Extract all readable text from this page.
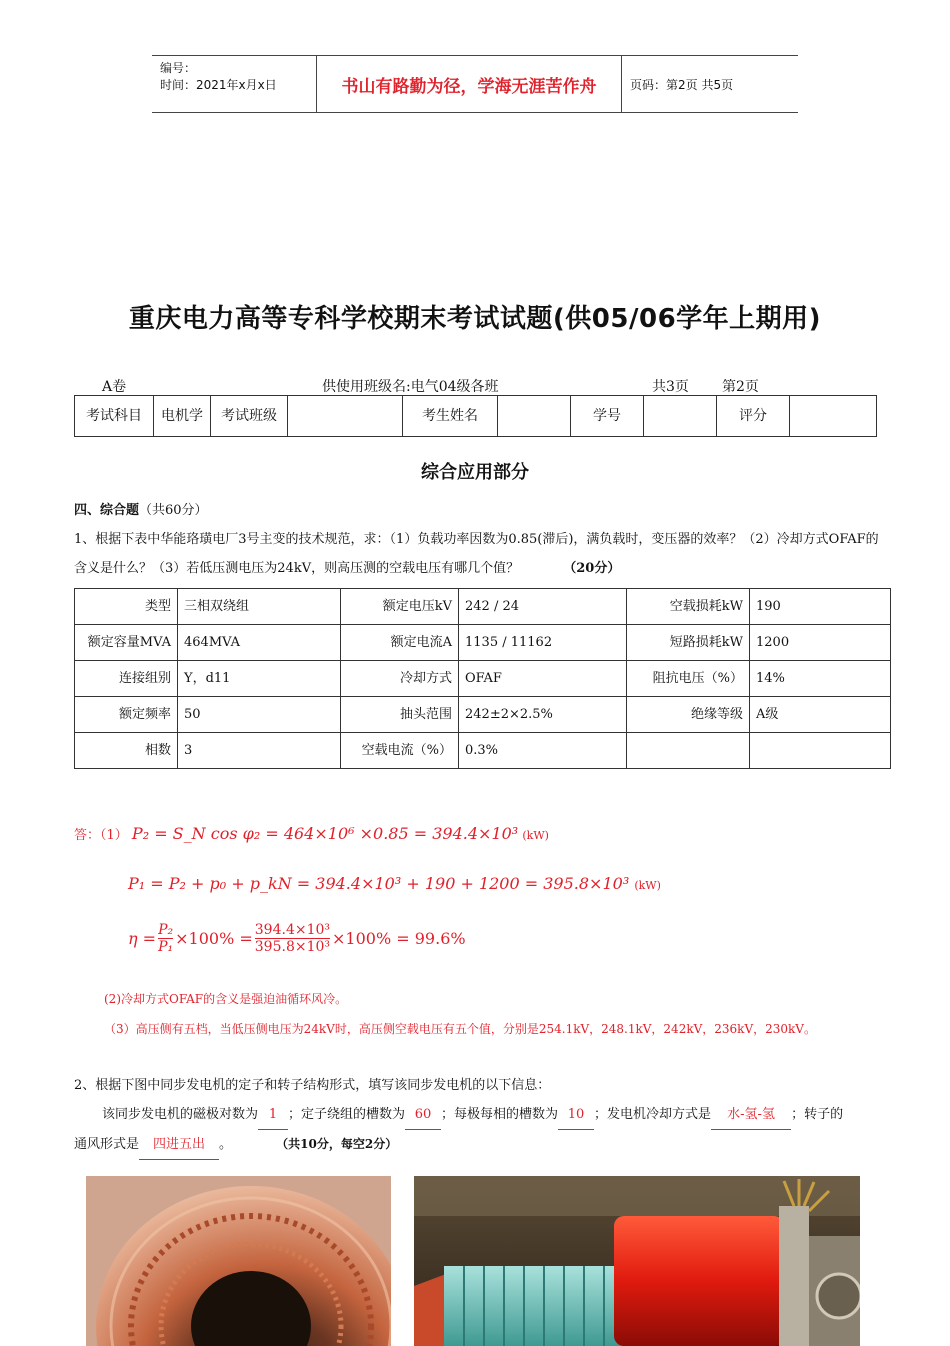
编号：
时间：2021年x月x日	书山有路勤为径，学海无涯苦作舟	页码：第2页 共5页
重庆电力高等专科学校期末考试试题(供05/06学年上期用)
A卷	供使用班级名:电气04级各班	共3页 第2页
考试科目	电机学	考试班级		考生姓名		学号		评分	
综合应用部分
四、综合题（共60分）
1、根据下表中华能珞璜电厂3号主变的技术规范，求：（1）负载功率因数为0.85(滞后)，满负载时，变压器的效率？（2）冷却方式OFAF的含义是什么？（3）若低压测电压为24kV，则高压测的空载电压有哪几个值？	（20分）
类型	三相双绕组	额定电压kV	242 / 24	空载损耗kW	190
额定容量MVA	464MVA	额定电流A	1135 / 11162	短路损耗kW	1200
连接组别	Y，d11	冷却方式	OFAF	阻抗电压（%）	14%
额定频率	50	抽头范围	242±2×2.5%	绝缘等级	A级
相数	3	空载电流（%）	0.3%		
答：（1） P₂ = S_N cos φ₂ = 464×10⁶ ×0.85 = 394.4×10³ (kW)
P₁ = P₂ + p₀ + p_kN = 394.4×10³ + 190 + 1200 = 395.8×10³ (kW)
$\eta = \frac{\text{P₂}}{\text{P₁}} \times 100\% = \frac{\text{394.4×10³}}{\text{395.8×10³}} \times 100\% = 99.6\%$
(2)冷却方式OFAF的含义是强迫油循环风冷。
（3）高压侧有五档，当低压侧电压为24kV时，高压侧空载电压有五个值，分别是254.1kV，248.1kV，242kV，236kV，230kV。
2、根据下图中同步发电机的定子和转子结构形式，填写该同步发电机的以下信息：
该同步发电机的磁极对数为 1 ；定子绕组的槽数为 60 ；每极每相的槽数为 10 ；发电机冷却方式是 水-氢-氢 ；转子的
通风形式是 四进五出 。	（共10分，每空2分）
